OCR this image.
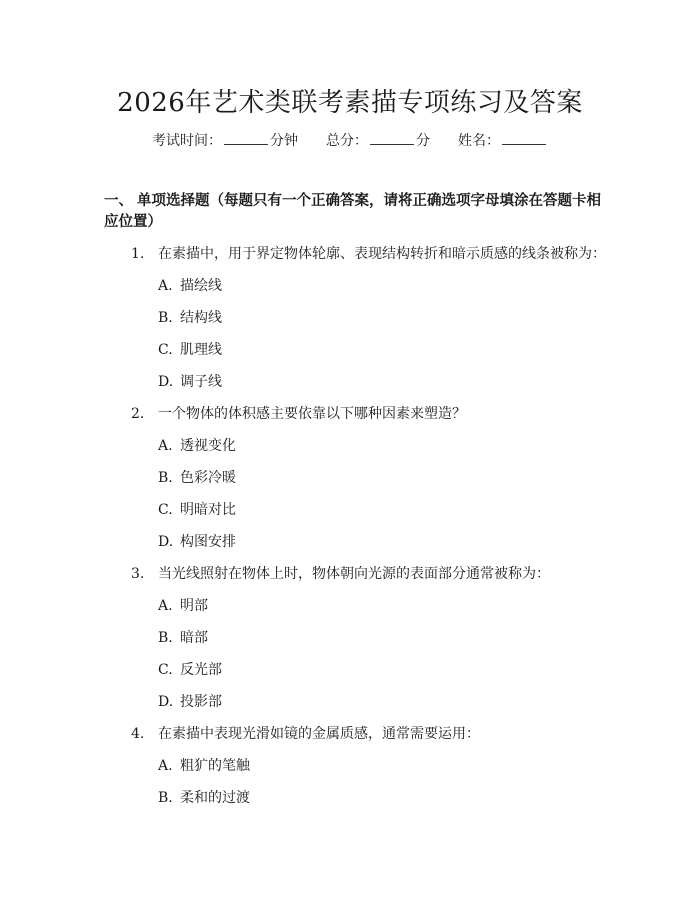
2026年艺术类联考素描专项练习及答案
考试时间：	分钟 总分：	分 姓名：
一、 单项选择题（每题只有一个正确答案，请将正确选项字母填涂在答题卡相应位置）
1. 在素描中，用于界定物体轮廓、表现结构转折和暗示质感的线条被称为：
A. 描绘线
B. 结构线
C. 肌理线
D. 调子线
2. 一个物体的体积感主要依靠以下哪种因素来塑造？
A. 透视变化
B. 色彩冷暖
C. 明暗对比
D. 构图安排
3. 当光线照射在物体上时，物体朝向光源的表面部分通常被称为：
A. 明部
B. 暗部
C. 反光部
D. 投影部
4. 在素描中表现光滑如镜的金属质感，通常需要运用：
A. 粗犷的笔触
B. 柔和的过渡
